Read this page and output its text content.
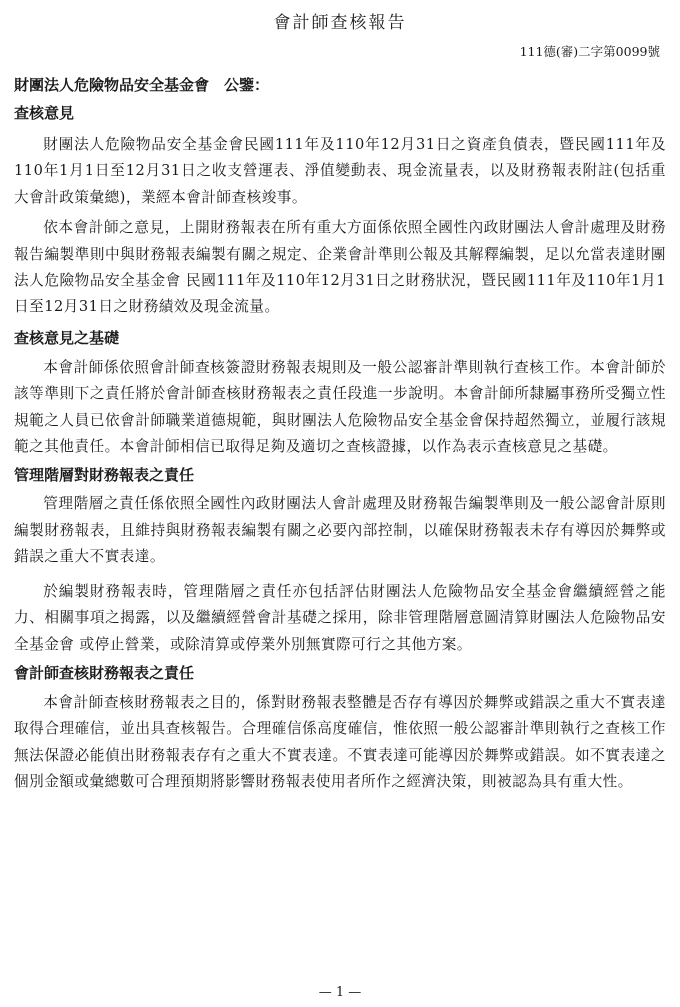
會計師查核報告
111德(審)二字第0099號
財團法人危險物品安全基金會　公鑒：

查核意見

財團法人危險物品安全基金會民國111年及110年12月31日之資產負債表，暨民國111年及110年1月1日至12月31日之收支營運表、淨值變動表、現金流量表，以及財務報表附註(包括重大會計政策彙總)，業經本會計師查核竣事。

依本會計師之意見，上開財務報表在所有重大方面係依照全國性內政財團法人會計處理及財務報告編製準則中與財務報表編製有關之規定、企業會計準則公報及其解釋編製，足以允當表達財團法人危險物品安全基金會 民國111年及110年12月31日之財務狀況，暨民國111年及110年1月1日至12月31日之財務績效及現金流量。

查核意見之基礎

本會計師係依照會計師查核簽證財務報表規則及一般公認審計準則執行查核工作。本會計師於該等準則下之責任將於會計師查核財務報表之責任段進一步說明。本會計師所隸屬事務所受獨立性規範之人員已依會計師職業道德規範，與財團法人危險物品安全基金會保持超然獨立，並履行該規範之其他責任。本會計師相信已取得足夠及適切之查核證據，以作為表示查核意見之基礎。

管理階層對財務報表之責任

管理階層之責任係依照全國性內政財團法人會計處理及財務報告編製準則及一般公認會計原則編製財務報表，且維持與財務報表編製有關之必要內部控制，以確保財務報表未存有導因於舞弊或錯誤之重大不實表達。

於編製財務報表時，管理階層之責任亦包括評估財團法人危險物品安全基金會繼續經營之能力、相關事項之揭露，以及繼續經營會計基礎之採用，除非管理階層意圖清算財團法人危險物品安全基金會 或停止營業，或除清算或停業外別無實際可行之其他方案。

會計師查核財務報表之責任

本會計師查核財務報表之目的，係對財務報表整體是否存有導因於舞弊或錯誤之重大不實表達取得合理確信，並出具查核報告。合理確信係高度確信，惟依照一般公認審計準則執行之查核工作無法保證必能偵出財務報表存有之重大不實表達。不實表達可能導因於舞弊或錯誤。如不實表達之個別金額或彙總數可合理預期將影響財務報表使用者所作之經濟決策，則被認為具有重大性。

— 1 —
